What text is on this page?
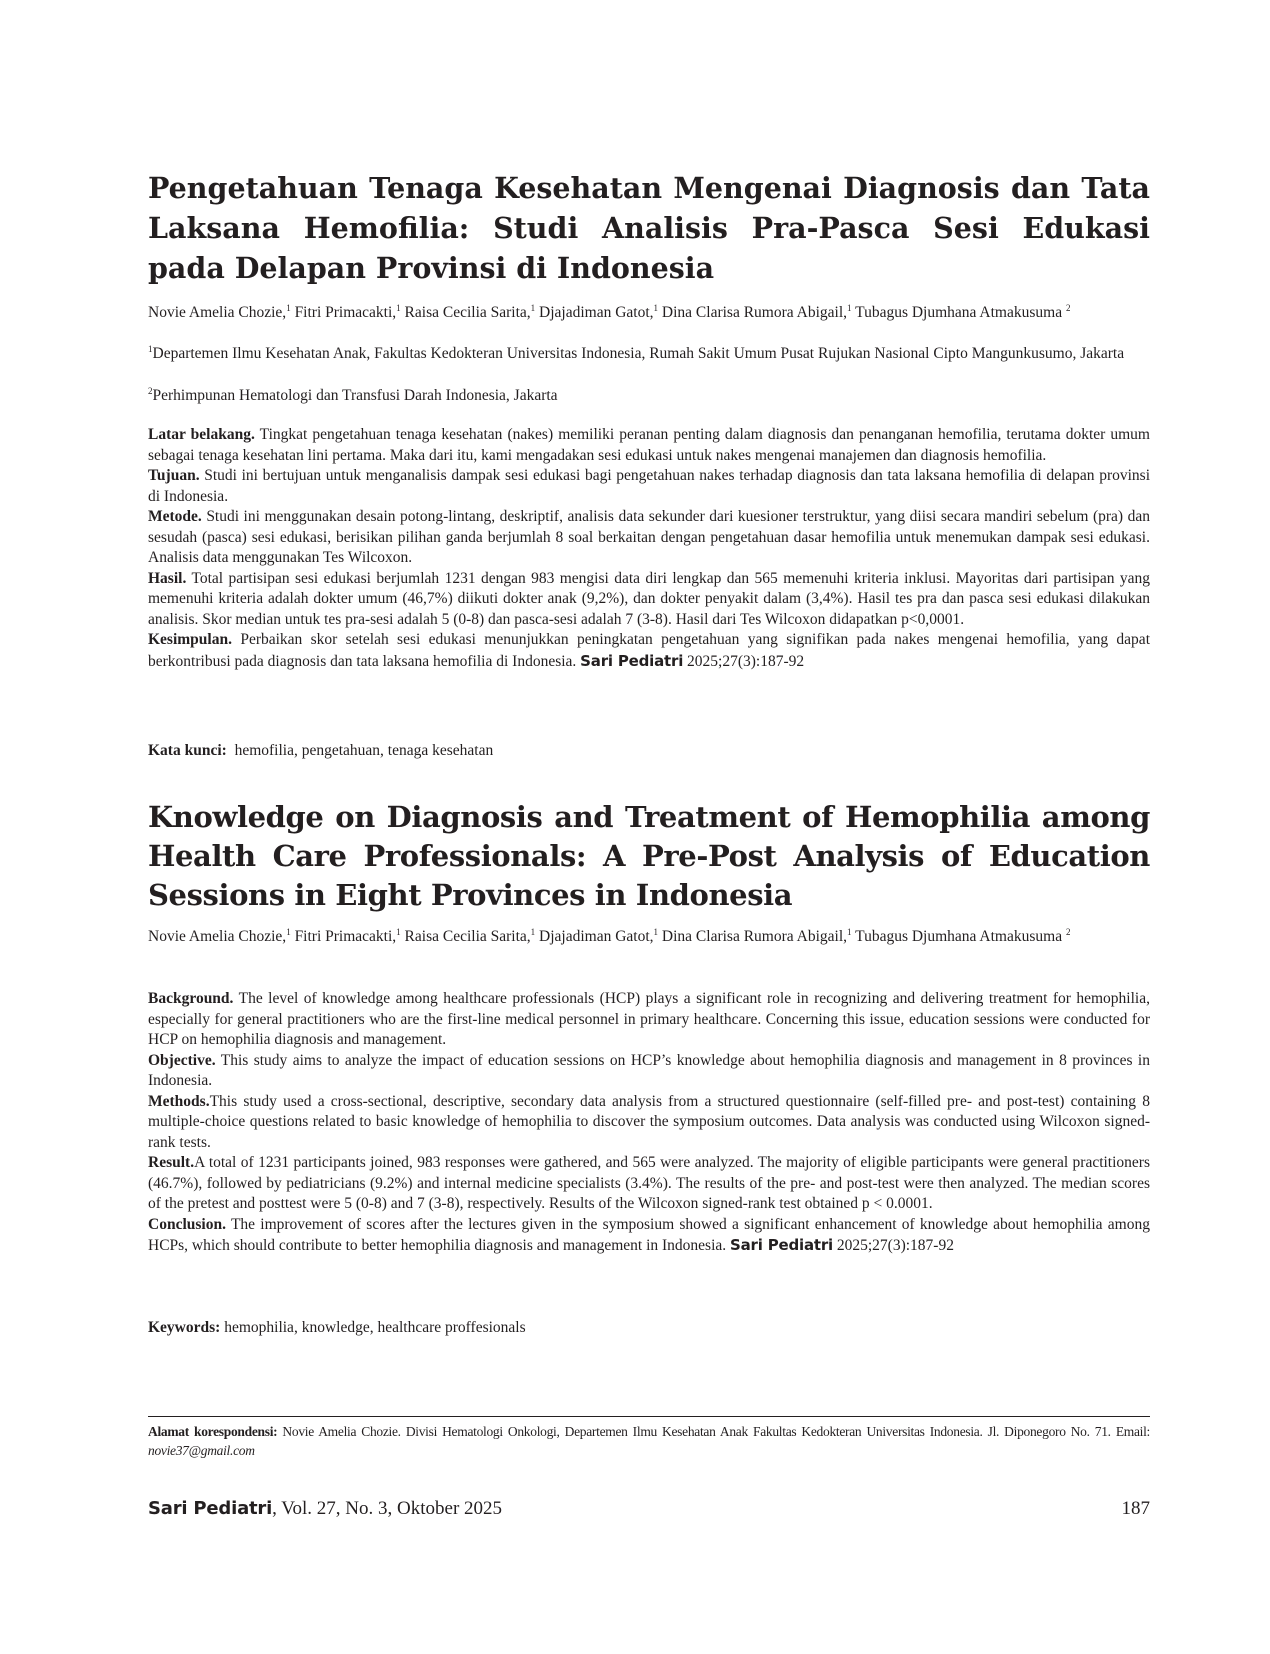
Pengetahuan Tenaga Kesehatan Mengenai Diagnosis dan Tata Laksana Hemofilia: Studi Analisis Pra-Pasca Sesi Edukasi pada Delapan Provinsi di Indonesia

Novie Amelia Chozie,$^1$ Fitri Primacakti,$^1$ Raisa Cecilia Sarita,$^1$ Djajadiman Gatot,$^1$ Dina Clarisa Rumora Abigail,$^1$ Tubagus Djumhana Atmakusuma $^2$

$^1$Departemen Ilmu Kesehatan Anak, Fakultas Kedokteran Universitas Indonesia, Rumah Sakit Umum Pusat Rujukan Nasional Cipto Mangunkusumo, Jakarta

$^2$Perhimpunan Hematologi dan Transfusi Darah Indonesia, Jakarta

Latar belakang. Tingkat pengetahuan tenaga kesehatan (nakes) memiliki peranan penting dalam diagnosis dan penanganan hemofilia, terutama dokter umum sebagai tenaga kesehatan lini pertama. Maka dari itu, kami mengadakan sesi edukasi untuk nakes mengenai manajemen dan diagnosis hemofilia.

Tujuan. Studi ini bertujuan untuk menganalisis dampak sesi edukasi bagi pengetahuan nakes terhadap diagnosis dan tata laksana hemofilia di delapan provinsi di Indonesia.

Metode. Studi ini menggunakan desain potong-lintang, deskriptif, analisis data sekunder dari kuesioner terstruktur, yang diisi secara mandiri sebelum (pra) dan sesudah (pasca) sesi edukasi, berisikan pilihan ganda berjumlah 8 soal berkaitan dengan pengetahuan dasar hemofilia untuk menemukan dampak sesi edukasi. Analisis data menggunakan Tes Wilcoxon.

Hasil. Total partisipan sesi edukasi berjumlah 1231 dengan 983 mengisi data diri lengkap dan 565 memenuhi kriteria inklusi. Mayoritas dari partisipan yang memenuhi kriteria adalah dokter umum (46,7%) diikuti dokter anak (9,2%), dan dokter penyakit dalam (3,4%). Hasil tes pra dan pasca sesi edukasi dilakukan analisis. Skor median untuk tes pra-sesi adalah 5 (0-8) dan pasca-sesi adalah 7 (3-8). Hasil dari Tes Wilcoxon didapatkan p<0,0001.

Kesimpulan. Perbaikan skor setelah sesi edukasi menunjukkan peningkatan pengetahuan yang signifikan pada nakes mengenai hemofilia, yang dapat berkontribusi pada diagnosis dan tata laksana hemofilia di Indonesia. Sari Pediatri 2025;27(3):187-92

Kata kunci: hemofilia, pengetahuan, tenaga kesehatan

Knowledge on Diagnosis and Treatment of Hemophilia among Health Care Professionals: A Pre-Post Analysis of Education Sessions in Eight Provinces in Indonesia

Novie Amelia Chozie,$^1$ Fitri Primacakti,$^1$ Raisa Cecilia Sarita,$^1$ Djajadiman Gatot,$^1$ Dina Clarisa Rumora Abigail,$^1$ Tubagus Djumhana Atmakusuma $^2$

Background. The level of knowledge among healthcare professionals (HCP) plays a significant role in recognizing and delivering treatment for hemophilia, especially for general practitioners who are the first-line medical personnel in primary healthcare. Concerning this issue, education sessions were conducted for HCP on hemophilia diagnosis and management.

Objective. This study aims to analyze the impact of education sessions on HCP’s knowledge about hemophilia diagnosis and management in 8 provinces in Indonesia.

Methods.This study used a cross-sectional, descriptive, secondary data analysis from a structured questionnaire (self-filled pre- and post-test) containing 8 multiple-choice questions related to basic knowledge of hemophilia to discover the symposium outcomes. Data analysis was conducted using Wilcoxon signed-rank tests.

Result.A total of 1231 participants joined, 983 responses were gathered, and 565 were analyzed. The majority of eligible participants were general practitioners (46.7%), followed by pediatricians (9.2%) and internal medicine specialists (3.4%). The results of the pre- and post-test were then analyzed. The median scores of the pretest and posttest were 5 (0-8) and 7 (3-8), respectively. Results of the Wilcoxon signed-rank test obtained p < 0.0001.

Conclusion. The improvement of scores after the lectures given in the symposium showed a significant enhancement of knowledge about hemophilia among HCPs, which should contribute to better hemophilia diagnosis and management in Indonesia. Sari Pediatri 2025;27(3):187-92

Keywords: hemophilia, knowledge, healthcare proffesionals

Alamat korespondensi: Novie Amelia Chozie. Divisi Hematologi Onkologi, Departemen Ilmu Kesehatan Anak Fakultas Kedokteran Universitas Indonesia. Jl. Diponegoro No. 71. Email: novie37@gmail.com

Sari Pediatri, Vol. 27, No. 3, Oktober 2025	187
